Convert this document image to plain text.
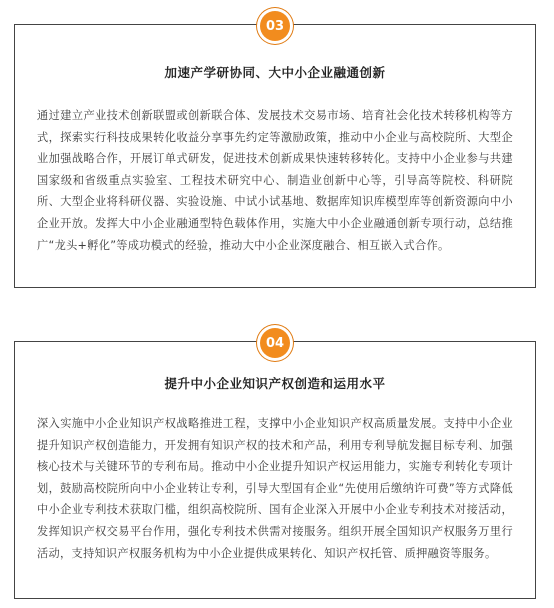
03
加速产学研协同、大中小企业融通创新
通过建立产业技术创新联盟或创新联合体、发展技术交易市场、培育社会化技术转移机构等方式，探索实行科技成果转化收益分享事先约定等激励政策，推动中小企业与高校院所、大型企业加强战略合作，开展订单式研发，促进技术创新成果快速转移转化。支持中小企业参与共建国家级和省级重点实验室、工程技术研究中心、制造业创新中心等，引导高等院校、科研院所、大型企业将科研仪器、实验设施、中试小试基地、数据库知识库模型库等创新资源向中小企业开放。发挥大中小企业融通型特色载体作用，实施大中小企业融通创新专项行动，总结推广“龙头+孵化”等成功模式的经验，推动大中小企业深度融合、相互嵌入式合作。
04
提升中小企业知识产权创造和运用水平
深入实施中小企业知识产权战略推进工程，支撑中小企业知识产权高质量发展。支持中小企业提升知识产权创造能力，开发拥有知识产权的技术和产品，利用专利导航发掘目标专利、加强核心技术与关键环节的专利布局。推动中小企业提升知识产权运用能力，实施专利转化专项计划，鼓励高校院所向中小企业转让专利，引导大型国有企业“先使用后缴纳许可费”等方式降低中小企业专利技术获取门槛，组织高校院所、国有企业深入开展中小企业专利技术对接活动，发挥知识产权交易平台作用，强化专利技术供需对接服务。组织开展全国知识产权服务万里行活动，支持知识产权服务机构为中小企业提供成果转化、知识产权托管、质押融资等服务。
